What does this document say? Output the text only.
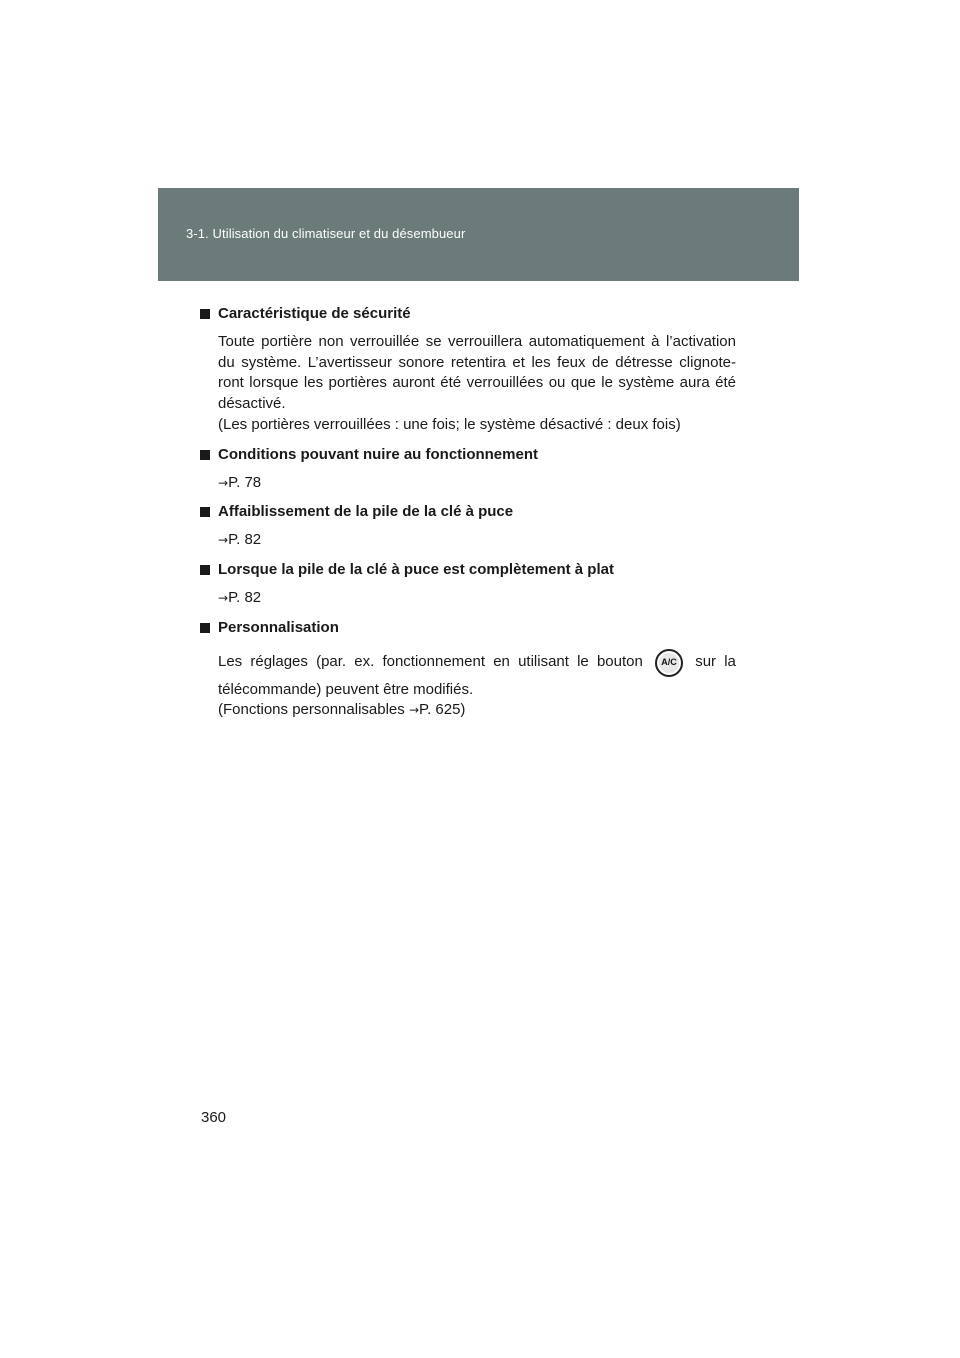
3-1. Utilisation du climatiseur et du désembueur
Caractéristique de sécurité

Toute portière non verrouillée se verrouillera automatiquement à l’activation du système. L’avertisseur sonore retentira et les feux de détresse clignote-ront lorsque les portières auront été verrouillées ou que le système aura été désactivé.

(Les portières verrouillées : une fois; le système désactivé : deux fois)

Conditions pouvant nuire au fonctionnement

→P. 78

Affaiblissement de la pile de la clé à puce

→P. 82

Lorsque la pile de la clé à puce est complètement à plat

→P. 82

Personnalisation
Les réglages (par. ex. fonctionnement en utilisant le bouton	A/C	sur la

télécommande) peuvent être modifiés.

(Fonctions personnalisables →P. 625)

360
